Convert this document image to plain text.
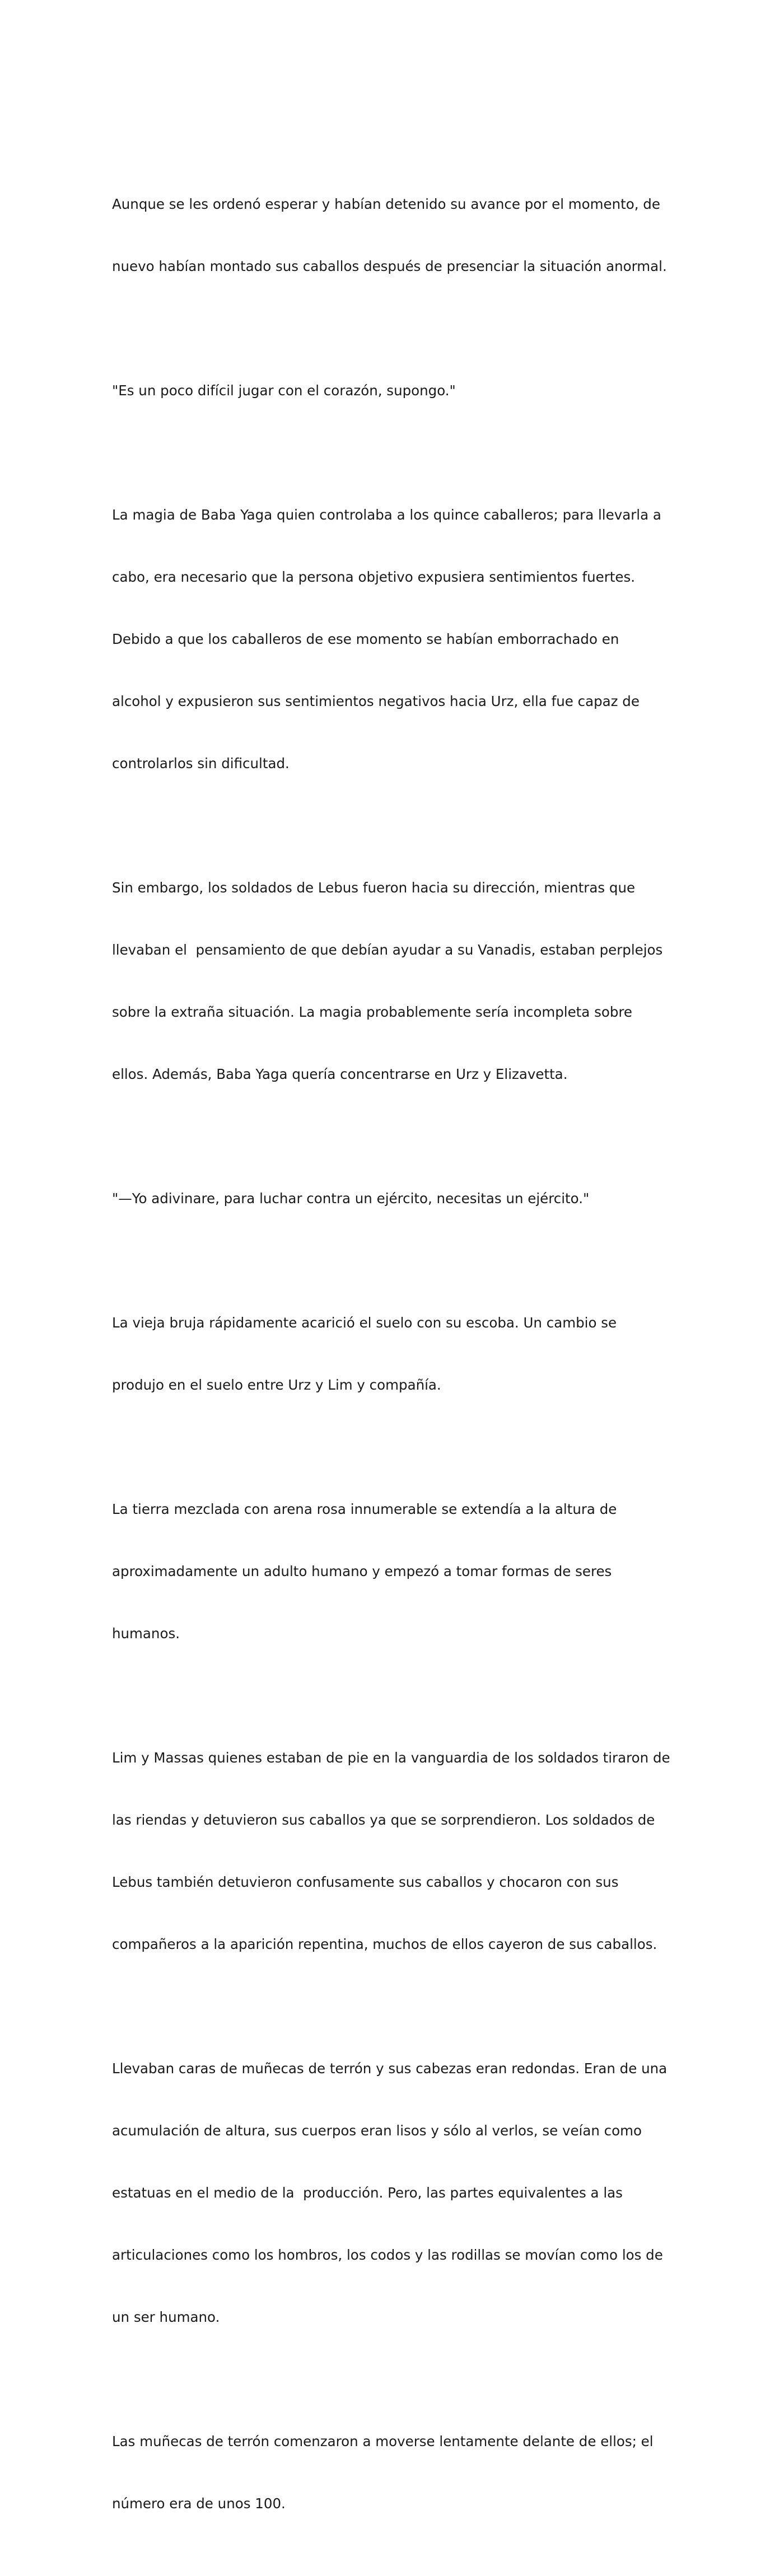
Aunque se les ordenó esperar y habían detenido su avance por el momento, de

nuevo habían montado sus caballos después de presenciar la situación anormal.

"Es un poco difícil jugar con el corazón, supongo."

La magia de Baba Yaga quien controlaba a los quince caballeros; para llevarla a

cabo, era necesario que la persona objetivo expusiera sentimientos fuertes.

Debido a que los caballeros de ese momento se habían emborrachado en

alcohol y expusieron sus sentimientos negativos hacia Urz, ella fue capaz de

controlarlos sin dificultad.

Sin embargo, los soldados de Lebus fueron hacia su dirección, mientras que

llevaban el  pensamiento de que debían ayudar a su Vanadis, estaban perplejos

sobre la extraña situación. La magia probablemente sería incompleta sobre

ellos. Además, Baba Yaga quería concentrarse en Urz y Elizavetta.

"—Yo adivinare, para luchar contra un ejército, necesitas un ejército."

La vieja bruja rápidamente acarició el suelo con su escoba. Un cambio se

produjo en el suelo entre Urz y Lim y compañía.

La tierra mezclada con arena rosa innumerable se extendía a la altura de

aproximadamente un adulto humano y empezó a tomar formas de seres

humanos.

Lim y Massas quienes estaban de pie en la vanguardia de los soldados tiraron de

las riendas y detuvieron sus caballos ya que se sorprendieron. Los soldados de

Lebus también detuvieron confusamente sus caballos y chocaron con sus

compañeros a la aparición repentina, muchos de ellos cayeron de sus caballos.

Llevaban caras de muñecas de terrón y sus cabezas eran redondas. Eran de una

acumulación de altura, sus cuerpos eran lisos y sólo al verlos, se veían como

estatuas en el medio de la  producción. Pero, las partes equivalentes a las

articulaciones como los hombros, los codos y las rodillas se movían como los de

un ser humano.

Las muñecas de terrón comenzaron a moverse lentamente delante de ellos; el

número era de unos 100.
